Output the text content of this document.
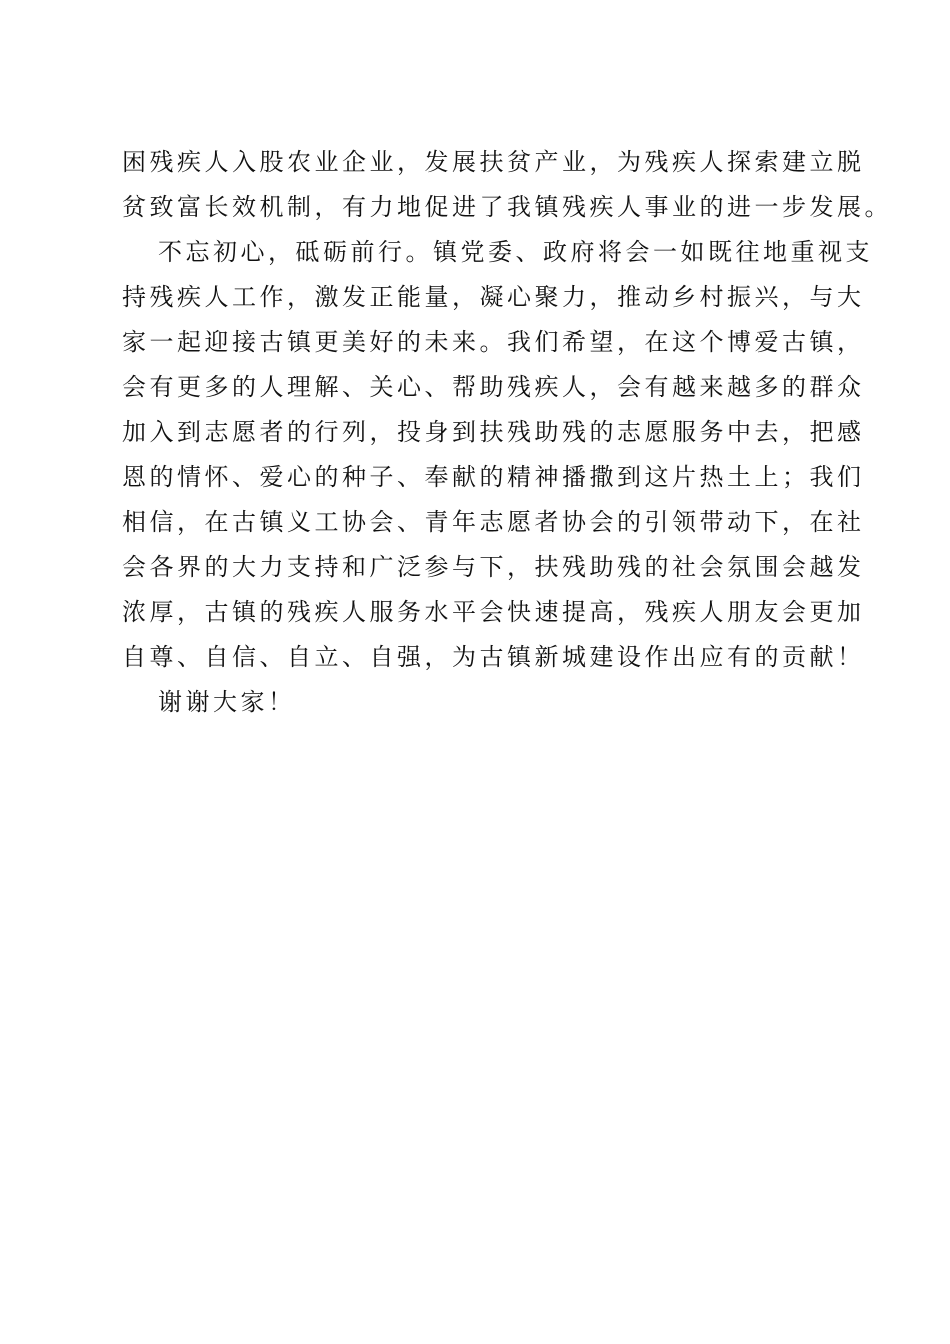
困残疾人入股农业企业，发展扶贫产业，为残疾人探索建立脱

贫致富长效机制，有力地促进了我镇残疾人事业的进一步发展。

不忘初心，砥砺前行。镇党委、政府将会一如既往地重视支

持残疾人工作，激发正能量，凝心聚力，推动乡村振兴，与大

家一起迎接古镇更美好的未来。我们希望，在这个博爱古镇，

会有更多的人理解、关心、帮助残疾人，会有越来越多的群众

加入到志愿者的行列，投身到扶残助残的志愿服务中去，把感

恩的情怀、爱心的种子、奉献的精神播撒到这片热土上；我们

相信，在古镇义工协会、青年志愿者协会的引领带动下，在社

会各界的大力支持和广泛参与下，扶残助残的社会氛围会越发

浓厚，古镇的残疾人服务水平会快速提高，残疾人朋友会更加

自尊、自信、自立、自强，为古镇新城建设作出应有的贡献！

谢谢大家！
